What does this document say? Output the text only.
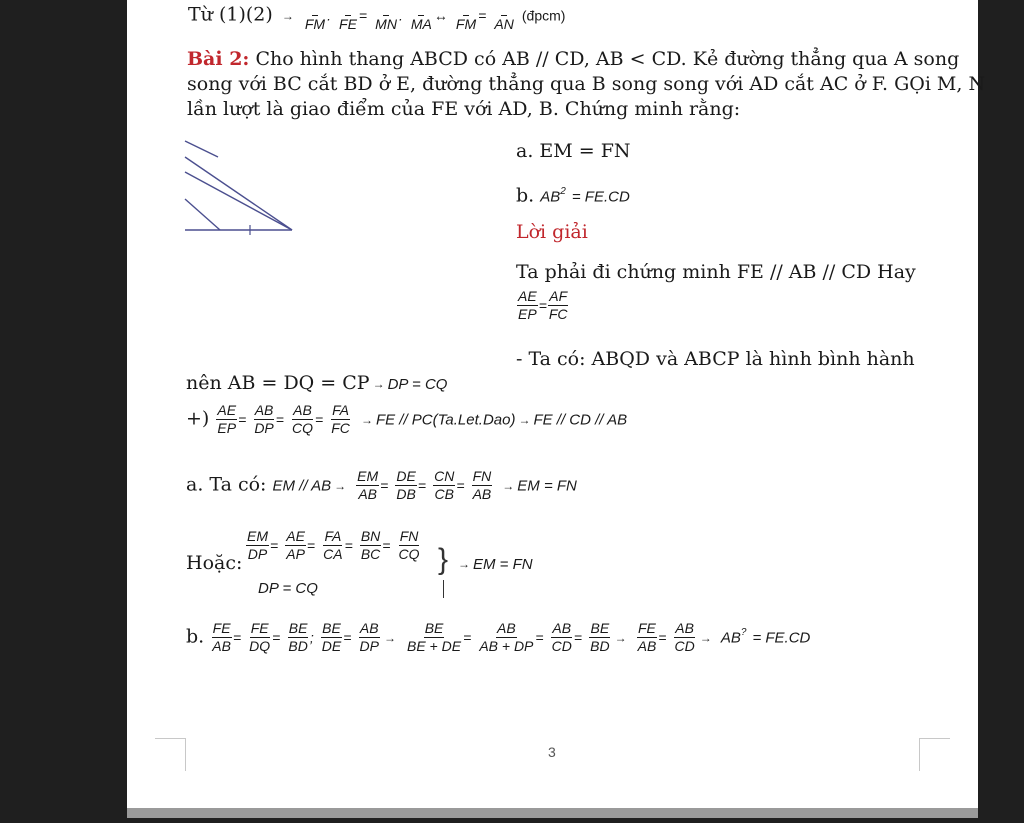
Từ (1)(2) →

FM
.

FE
=

MN
.

MA
↔

FM
=

AN
(đpcm)
Bài 2: Cho hình thang ABCD có AB // CD, AB < CD. Kẻ đường thẳng qua A song
song với BC cắt BD ở E, đường thẳng qua B song song với AD cắt AC ở F. GỌi M, N
lần lượt là giao điểm của FE với AD, B. Chứng minh rằng:
a. EM = FN
b. $AB^2 = FE.CD$
Lời giải
Ta phải đi chứng minh FE // AB // CD Hay
$\frac{AE}{EP} = \frac{AF}{FC}$
- Ta có: ABQD và ABCP là hình bình hành
nên AB = DQ = CP → DP = CQ
+) $\frac{AE}{EP} = \frac{AB}{DP} = \frac{AB}{CQ} = \frac{FA}{FC}$ → FE // PC(Ta.Let.Dao) → FE // CD // AB
a. Ta có: EM // AB → $\frac{EM}{AB} = \frac{DE}{DB} = \frac{CN}{CB} = \frac{FN}{AB}$ → EM = FN
Hoặc: $\frac{EM}{DP} = \frac{AE}{AP} = \frac{FA}{CA} = \frac{BN}{BC} = \frac{FN}{CQ}$
DP = CQ
} → EM = FN
b. $\frac{FE}{AB} = \frac{FE}{DQ} = \frac{BE}{BD}$ ; $\frac{BE}{DE} = \frac{AB}{DP} \to \frac{BE}{BE + DE} = \frac{AB}{AB + DP} = \frac{AB}{CD} = \frac{BE}{BD} \to \frac{FE}{AB} = \frac{AB}{CD} \to AB^? = FE.CD$
3
